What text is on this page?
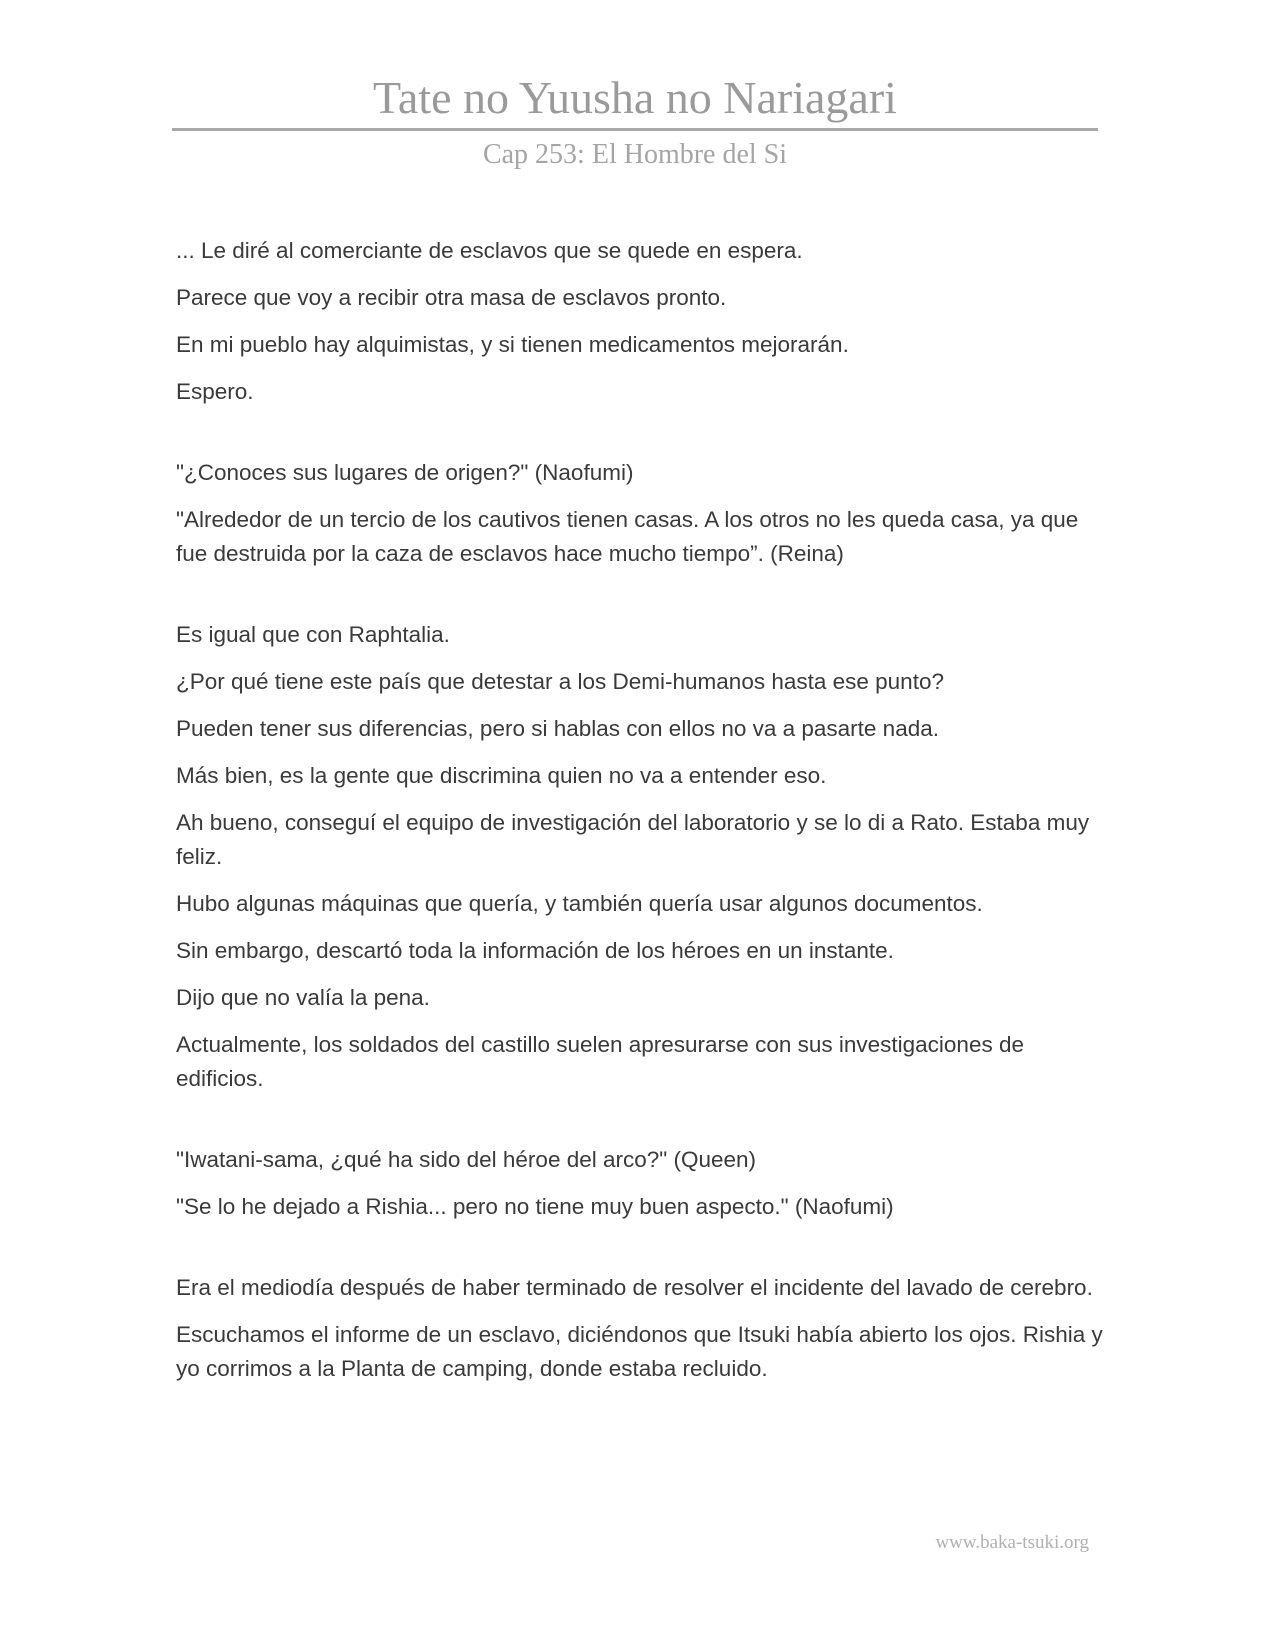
Tate no Yuusha no Nariagari
Cap 253: El Hombre del Si

... Le diré al comerciante de esclavos que se quede en espera.

Parece que voy a recibir otra masa de esclavos pronto.

En mi pueblo hay alquimistas, y si tienen medicamentos mejorarán.

Espero.

"¿Conoces sus lugares de origen?" (Naofumi)

"Alrededor de un tercio de los cautivos tienen casas. A los otros no les queda casa, ya que fue destruida por la caza de esclavos hace mucho tiempo”. (Reina)

Es igual que con Raphtalia.

¿Por qué tiene este país que detestar a los Demi-humanos hasta ese punto?

Pueden tener sus diferencias, pero si hablas con ellos no va a pasarte nada.

Más bien, es la gente que discrimina quien no va a entender eso.

Ah bueno, conseguí el equipo de investigación del laboratorio y se lo di a Rato. Estaba muy feliz.

Hubo algunas máquinas que quería, y también quería usar algunos documentos.

Sin embargo, descartó toda la información de los héroes en un instante.

Dijo que no valía la pena.

Actualmente, los soldados del castillo suelen apresurarse con sus investigaciones de edificios.

"Iwatani-sama, ¿qué ha sido del héroe del arco?" (Queen)

"Se lo he dejado a Rishia... pero no tiene muy buen aspecto." (Naofumi)

Era el mediodía después de haber terminado de resolver el incidente del lavado de cerebro.

Escuchamos el informe de un esclavo, diciéndonos que Itsuki había abierto los ojos. Rishia y yo corrimos a la Planta de camping, donde estaba recluido.

www.baka-tsuki.org
